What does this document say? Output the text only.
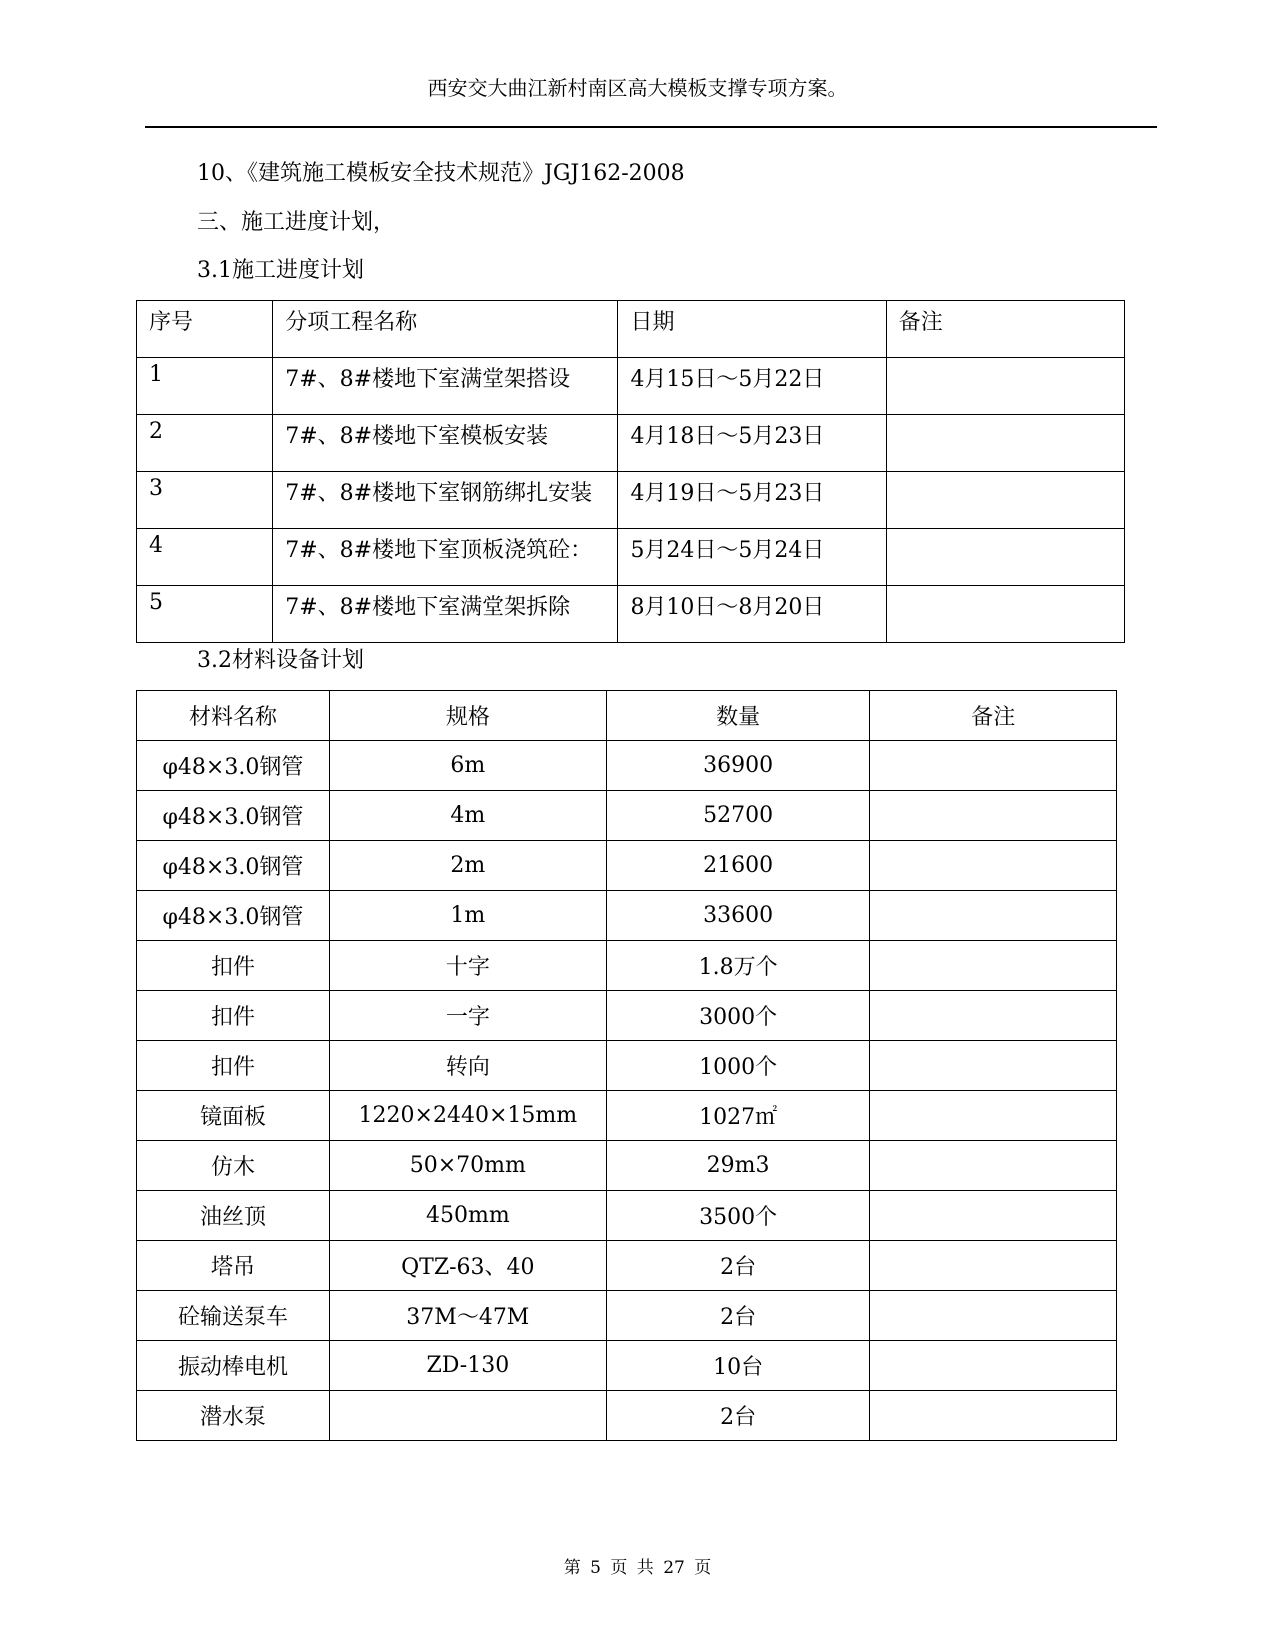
西安交大曲江新村南区高大模板支撑专项方案。
10、《建筑施工模板安全技术规范》JGJ162-2008
三、施工进度计划，
3.1施工进度计划
序号	分项工程名称	日期	备注
1	7#、8#楼地下室满堂架搭设	4月15日～5月22日	
2	7#、8#楼地下室模板安装	4月18日～5月23日	
3	7#、8#楼地下室钢筋绑扎安装	4月19日～5月23日	
4	7#、8#楼地下室顶板浇筑砼：	5月24日～5月24日	
5	7#、8#楼地下室满堂架拆除	8月10日～8月20日	
3.2材料设备计划
材料名称	规格	数量	备注
φ48×3.0钢管	6m	36900	
φ48×3.0钢管	4m	52700	
φ48×3.0钢管	2m	21600	
φ48×3.0钢管	1m	33600	
扣件	十字	1.8万个	
扣件	一字	3000个	
扣件	转向	1000个	
镜面板	1220×2440×15mm	1027㎡	
仿木	50×70mm	29m3	
油丝顶	450mm	3500个	
塔吊	QTZ-63、40	2台	
砼输送泵车	37M～47M	2台	
振动棒电机	ZD-130	10台	
潜水泵		2台	
第 5 页 共 27 页
